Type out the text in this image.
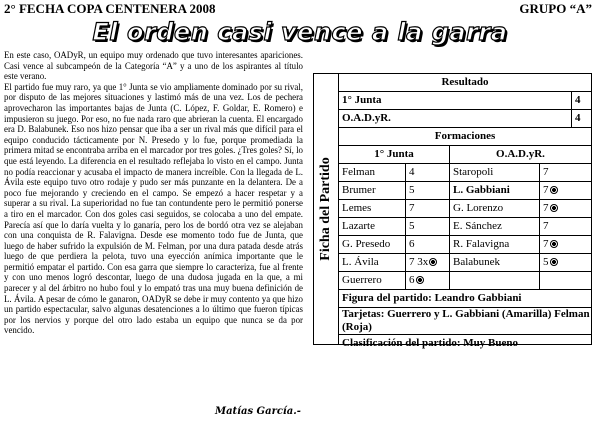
2° FECHA COPA CENTENERA 2008	GRUPO “A”
El orden casi vence a la garra

En este caso, OADyR, un equipo muy ordenado que tuvo interesantes apariciones. Casi vence al subcampeón de la Categoría “A” y a uno de los aspirantes al título este verano.

El partido fue muy raro, ya que 1° Junta se vio ampliamente dominado por su rival, por disputo de las mejores situaciones y lastimó más de una vez. Los de pechera aprovecharon las importantes bajas de Junta (C. López, F. Goldar, E. Romero) e impusieron su juego. Por eso, no fue nada raro que abrieran la cuenta. El encargado era D. Balabunek. Eso nos hizo pensar que iba a ser un rival más que difícil para el equipo conducido tácticamente por N. Presedo y lo fue, porque promediada la primera mitad se encontraba arriba en el marcador por tres goles. ¿Tres goles? Sí, lo que está leyendo. La diferencia en el resultado reflejaba lo visto en el campo. Junta no podía reaccionar y acusaba el impacto de manera increíble. Con la llegada de L. Ávila este equipo tuvo otro rodaje y pudo ser más punzante en la delantera. De a poco fue mejorando y creciendo en el campo. Se empezó a hacer respetar y a superar a su rival. La superioridad no fue tan contundente pero le permitió ponerse a tiro en el marcador. Con dos goles casi seguidos, se colocaba a uno del empate. Parecía así que lo daría vuelta y lo ganaría, pero los de bordó otra vez se alejaban con una conquista de R. Falavigna. Desde ese momento todo fue de Junta, que luego de haber sufrido la expulsión de M. Felman, por una dura patada desde atrás luego de que perdiera la pelota, tuvo una eyección anímica importante que le permitió empatar el partido. Con esa garra que siempre lo caracteriza, fue al frente y con uno menos logró descontar, luego de una dudosa jugada en la que, a mi parecer y al del árbitro no hubo foul y lo empató tras una muy buena definición de L. Ávila. A pesar de cómo le ganaron, OADyR se debe ir muy contento ya que hizo un partido espectacular, salvo algunas desatenciones a lo último que fueron típicas por los nervios y porque del otro lado estaba un equipo que nunca se da por vencido.

Matías García.-
Ficha del Partido
Resultado
1° Junta	4
O.A.D.yR.	4
Formaciones
1° Junta	O.A.D.yR.
Felman	4	Staropoli	7
Brumer	5	L. Gabbiani	7
Lemes	7	G. Lorenzo	7
Lazarte	5	E. Sánchez	7
G. Presedo	6	R. Falavigna	7
L. Ávila	7 3x	Balabunek	5
Guerrero	6
Figura del partido: Leandro Gabbiani
Tarjetas: Guerrero y L. Gabbiani (Amarilla) Felman (Roja)
Clasificación del partido: Muy Bueno
